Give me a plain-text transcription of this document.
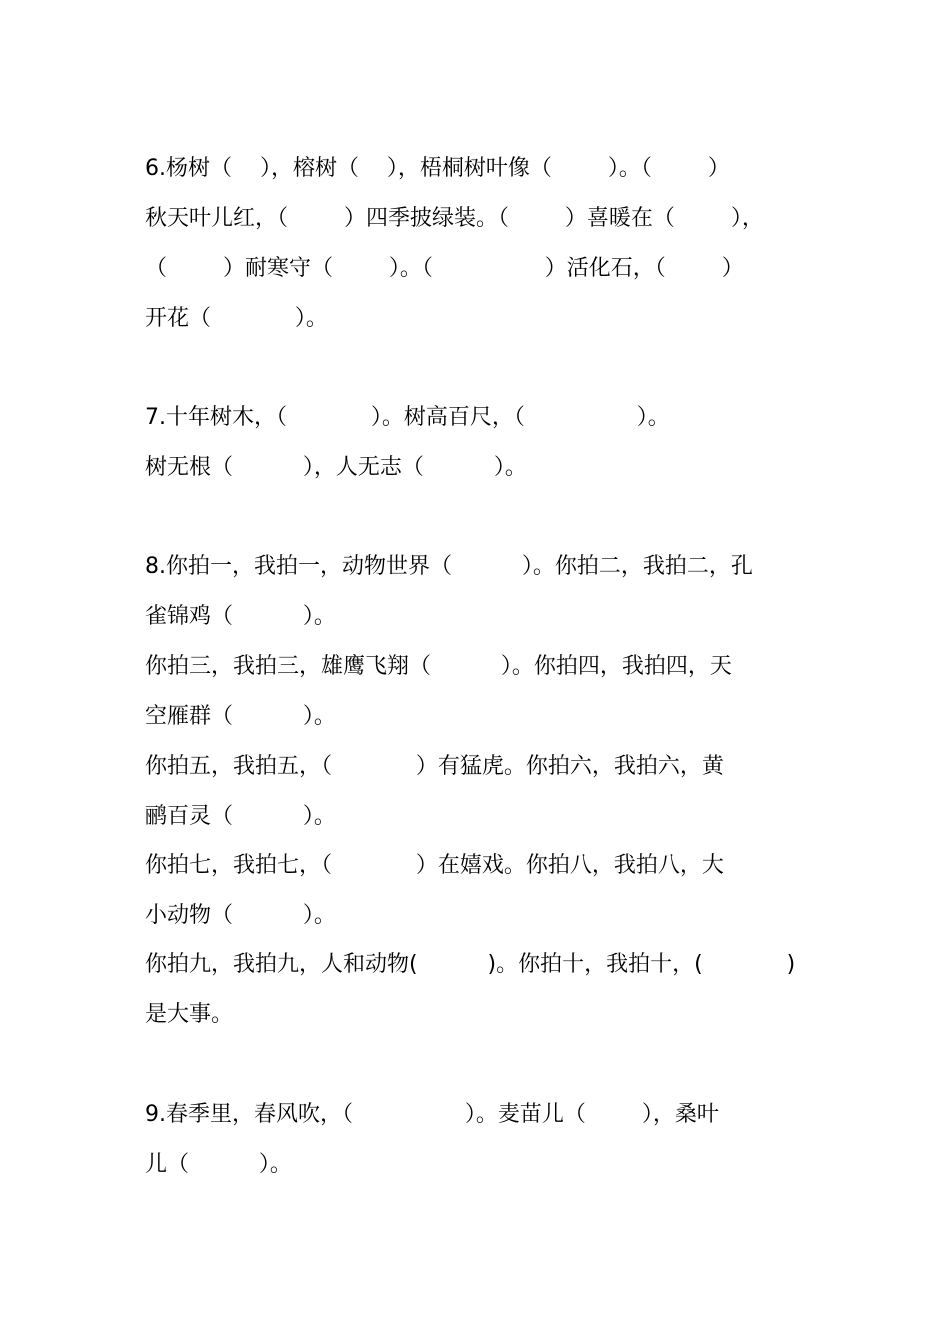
6.杨树（    ），榕树（    ），梧桐树叶像（        ）。（        ）
秋天叶儿红，（        ）四季披绿装。（        ）喜暖在（        ），
（        ）耐寒守（        ）。（                ）活化石，（        ）
开花（            ）。
7.十年树木，（            ）。树高百尺，（                ）。
树无根（          ），人无志（          ）。
8.你拍一，我拍一，动物世界（          ）。你拍二，我拍二，孔
雀锦鸡（          ）。
你拍三，我拍三，雄鹰飞翔（          ）。你拍四，我拍四，天
空雁群（          ）。
你拍五，我拍五，（            ）有猛虎。你拍六，我拍六，黄
鹂百灵（          ）。
你拍七，我拍七，（            ）在嬉戏。你拍八，我拍八，大
小动物（          ）。
你拍九，我拍九，人和动物(          )。你拍十，我拍十，(            )
是大事。
9.春季里，春风吹，（                ）。麦苗儿（        ），桑叶
儿（          ）。
